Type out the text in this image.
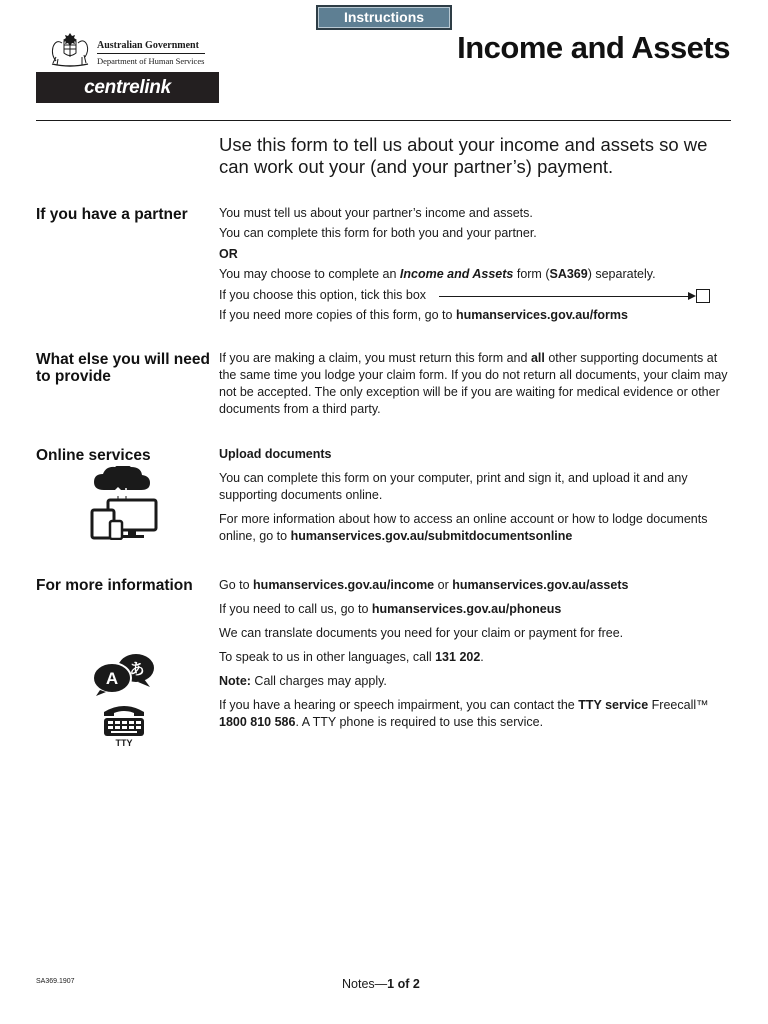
Instructions
Australian Government
Department of Human Services
centrelink
Income and Assets
Use this form to tell us about your income and assets so we can work out your (and your partner’s) payment.
If you have a partner	You must tell us about your partner’s income and assets.
You can complete this form for both you and your partner.
OR
You may choose to complete an Income and Assets form (SA369) separately.
If you choose this option, tick this box
If you need more copies of this form, go to humanservices.gov.au/forms
What else you will need to provide
If you are making a claim, you must return this form and all other supporting documents at the same time you lodge your claim form. If you do not return all documents, your claim may not be accepted. The only exception will be if you are waiting for medical evidence or other documents from a third party.
Online services	Upload documents
You can complete this form on your computer, print and sign it, and upload it and any supporting documents online.
For more information about how to access an online account or how to lodge documents online, go to humanservices.gov.au/submitdocumentsonline
For more information	Go to humanservices.gov.au/income or humanservices.gov.au/assets
If you need to call us, go to humanservices.gov.au/phoneus
We can translate documents you need for your claim or payment for free.
To speak to us in other languages, call 131 202.
Note: Call charges may apply.
If you have a hearing or speech impairment, you can contact the TTY service Freecall™
1800 810 586. A TTY phone is required to use this service.
A あ
TTY
SA369.1907	Notes—1 of 2
